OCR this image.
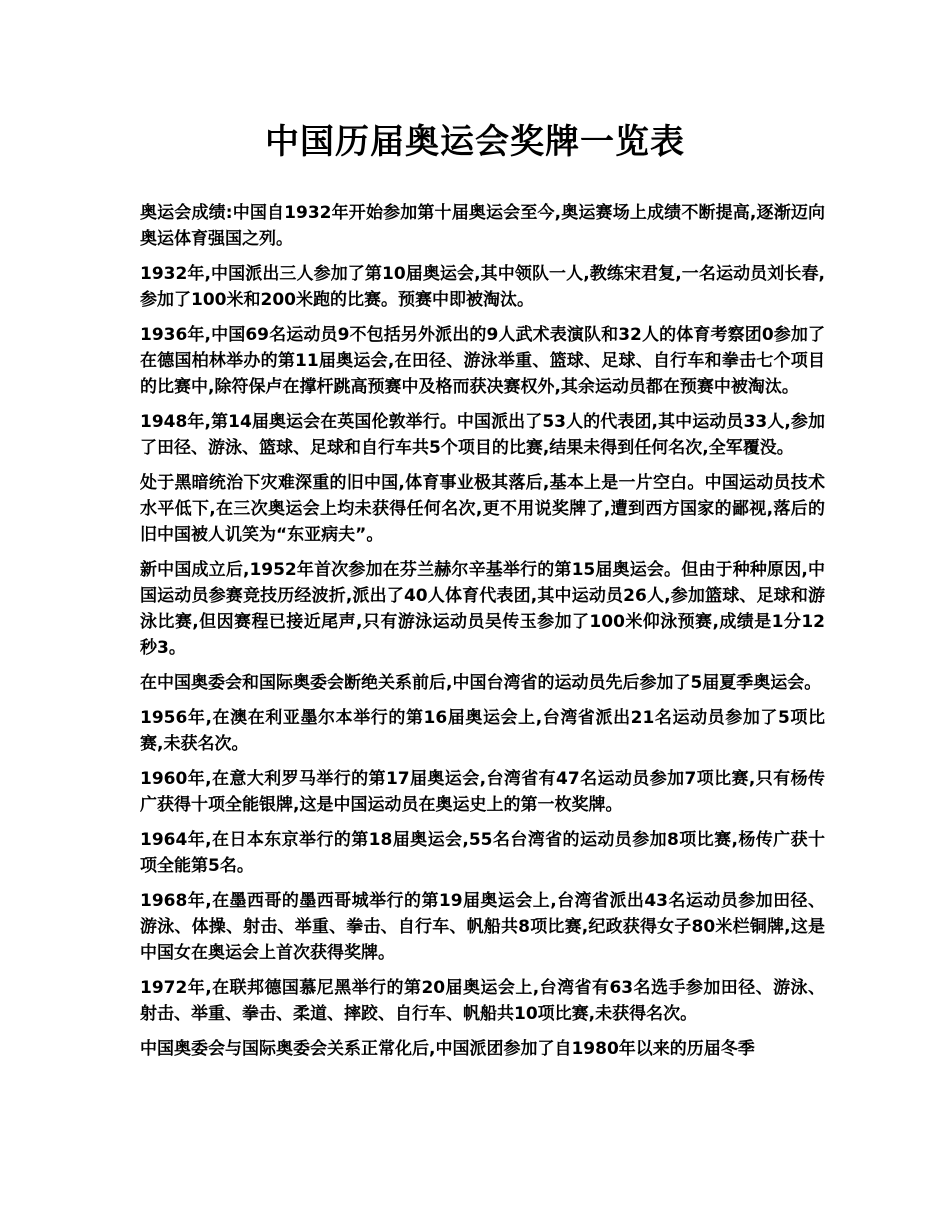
中国历届奥运会奖牌一览表

奥运会成绩:中国自1932年开始参加第十届奥运会至今,奥运赛场上成绩不断提高,逐渐迈向奥运体育强国之列。

1932年,中国派出三人参加了第10届奥运会,其中领队一人,教练宋君复,一名运动员刘长春,参加了100米和200米跑的比赛。预赛中即被淘汰。

1936年,中国69名运动员9不包括另外派出的9人武术表演队和32人的体育考察团0参加了在德国柏林举办的第11届奥运会,在田径、游泳举重、篮球、足球、自行车和拳击七个项目的比赛中,除符保卢在撑杆跳高预赛中及格而获决赛权外,其余运动员都在预赛中被淘汰。

1948年,第14届奥运会在英国伦敦举行。中国派出了53人的代表团,其中运动员33人,参加了田径、游泳、篮球、足球和自行车共5个项目的比赛,结果未得到任何名次,全军覆没。

处于黑暗统治下灾难深重的旧中国,体育事业极其落后,基本上是一片空白。中国运动员技术水平低下,在三次奥运会上均未获得任何名次,更不用说奖牌了,遭到西方国家的鄙视,落后的旧中国被人讥笑为“东亚病夫”。

新中国成立后,1952年首次参加在芬兰赫尔辛基举行的第15届奥运会。但由于种种原因,中国运动员参赛竞技历经波折,派出了40人体育代表团,其中运动员26人,参加篮球、足球和游泳比赛,但因赛程已接近尾声,只有游泳运动员吴传玉参加了100米仰泳预赛,成绩是1分12秒3。

在中国奥委会和国际奥委会断绝关系前后,中国台湾省的运动员先后参加了5届夏季奥运会。

1956年,在澳在利亚墨尔本举行的第16届奥运会上,台湾省派出21名运动员参加了5项比赛,未获名次。

1960年,在意大利罗马举行的第17届奥运会,台湾省有47名运动员参加7项比赛,只有杨传广获得十项全能银牌,这是中国运动员在奥运史上的第一枚奖牌。

1964年,在日本东京举行的第18届奥运会,55名台湾省的运动员参加8项比赛,杨传广获十项全能第5名。

1968年,在墨西哥的墨西哥城举行的第19届奥运会上,台湾省派出43名运动员参加田径、游泳、体操、射击、举重、拳击、自行车、帆船共8项比赛,纪政获得女子80米栏铜牌,这是中国女在奥运会上首次获得奖牌。

1972年,在联邦德国慕尼黑举行的第20届奥运会上,台湾省有63名选手参加田径、游泳、射击、举重、拳击、柔道、摔跤、自行车、帆船共10项比赛,未获得名次。

中国奥委会与国际奥委会关系正常化后,中国派团参加了自1980年以来的历届冬季
